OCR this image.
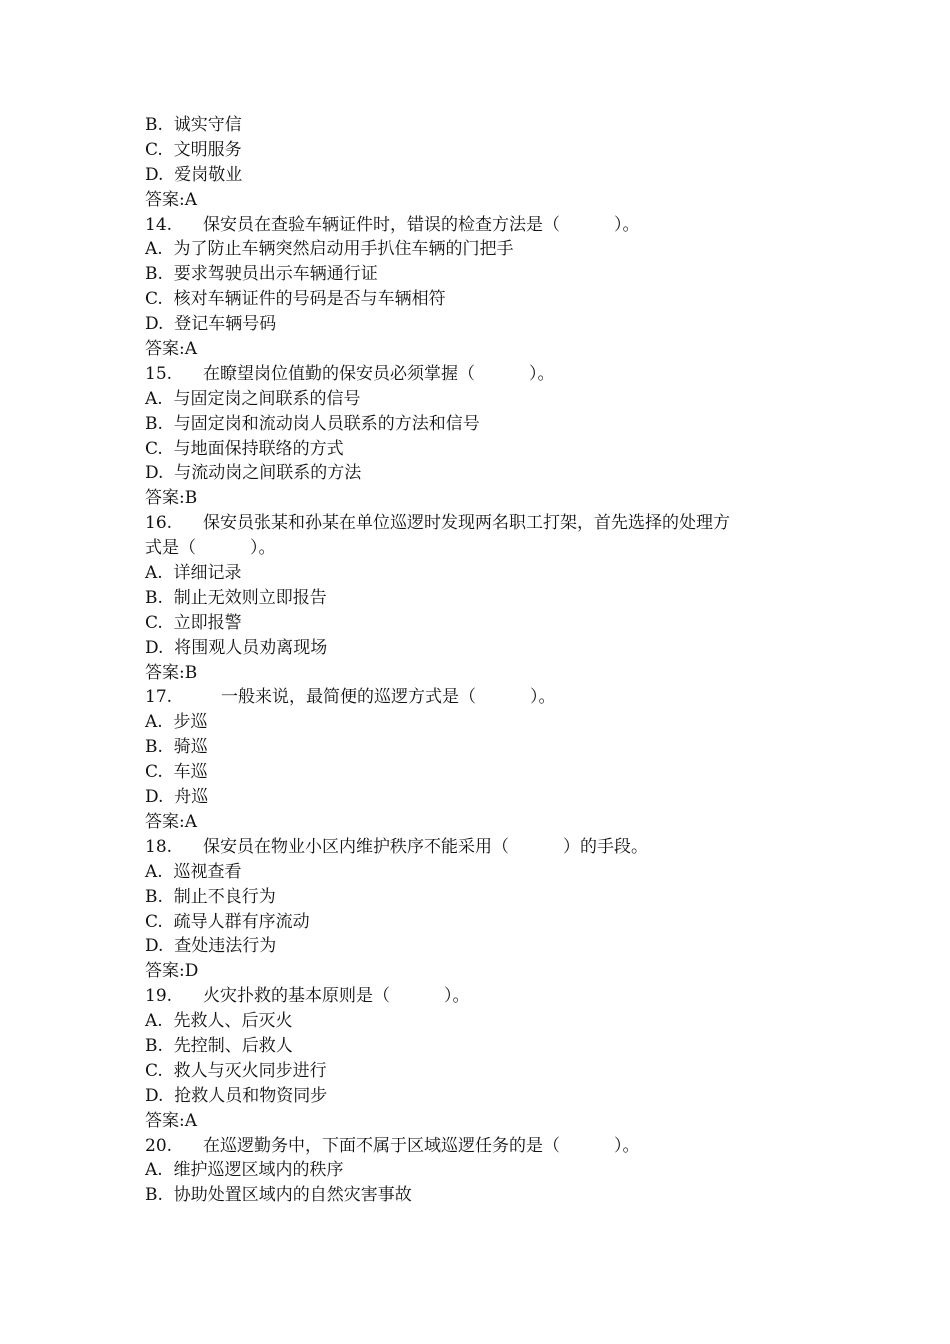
B.  诚实守信
C.  文明服务
D.  爱岗敬业
答案:A
14. 保安员在查验车辆证件时，错误的检查方法是（          ）。
A.  为了防止车辆突然启动用手扒住车辆的门把手
B.  要求驾驶员出示车辆通行证
C.  核对车辆证件的号码是否与车辆相符
D.  登记车辆号码
答案:A
15. 在瞭望岗位值勤的保安员必须掌握（          ）。
A.  与固定岗之间联系的信号
B.  与固定岗和流动岗人员联系的方法和信号
C.  与地面保持联络的方式
D.  与流动岗之间联系的方法
答案:B
16. 保安员张某和孙某在单位巡逻时发现两名职工打架，首先选择的处理方
式是（          ）。
A.  详细记录
B.  制止无效则立即报告
C.  立即报警
D.  将围观人员劝离现场
答案:B
17.	一般来说，最简便的巡逻方式是（          ）。
A.  步巡
B.  骑巡
C.  车巡
D.  舟巡
答案:A
18. 保安员在物业小区内维护秩序不能采用（          ）的手段。
A.  巡视查看
B.  制止不良行为
C.  疏导人群有序流动
D.  查处违法行为
答案:D
19. 火灾扑救的基本原则是（          ）。
A.  先救人、后灭火
B.  先控制、后救人
C.  救人与灭火同步进行
D.  抢救人员和物资同步
答案:A
20. 在巡逻勤务中，下面不属于区域巡逻任务的是（          ）。
A.  维护巡逻区域内的秩序
B.  协助处置区域内的自然灾害事故
